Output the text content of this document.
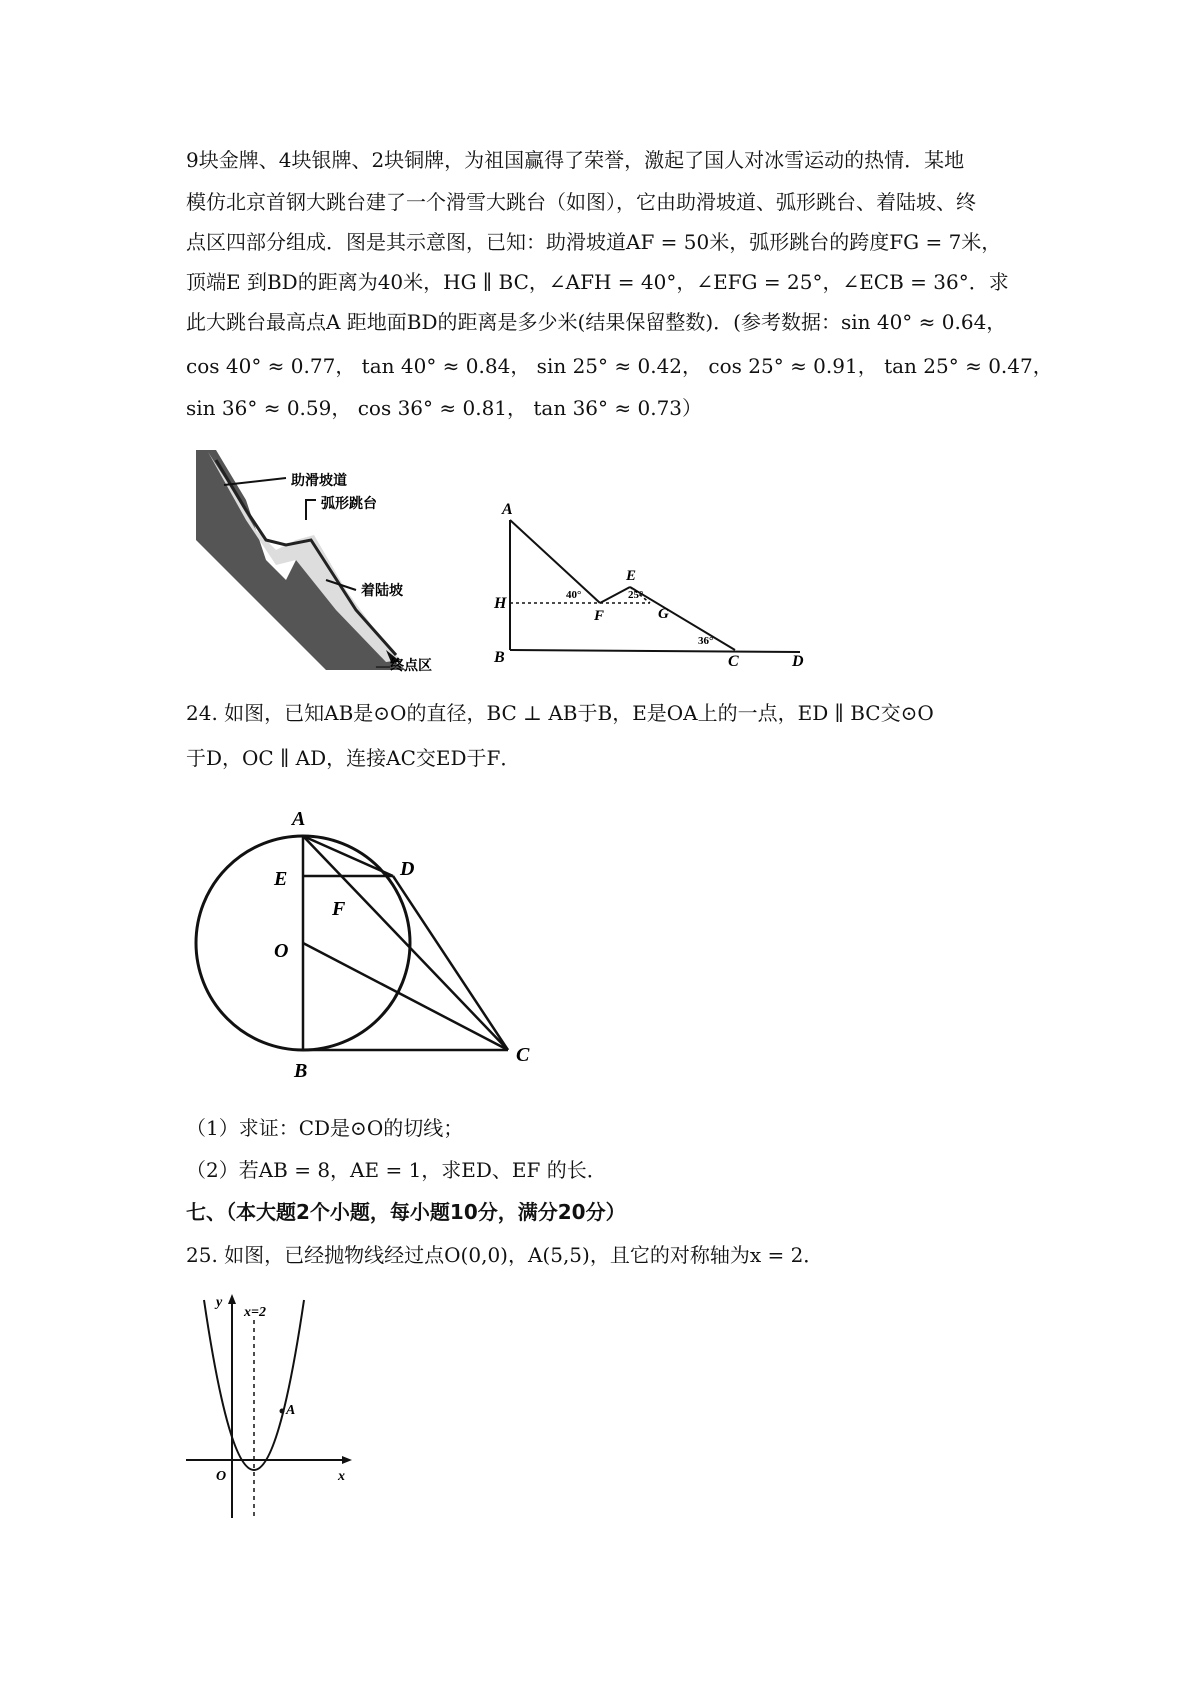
9块金牌、4块银牌、2块铜牌，为祖国赢得了荣誉，激起了国人对冰雪运动的热情．某地
模仿北京首钢大跳台建了一个滑雪大跳台（如图），它由助滑坡道、弧形跳台、着陆坡、终
点区四部分组成．图是其示意图，已知：助滑坡道AF = 50米，弧形跳台的跨度FG = 7米，
顶端E 到BD的距离为40米，HG ∥ BC，∠AFH = 40°，∠EFG = 25°，∠ECB = 36°．求
此大跳台最高点A 距地面BD的距离是多少米(结果保留整数)．(参考数据：sin 40° ≈ 0.64，
cos 40° ≈ 0.77， tan 40° ≈ 0.84， sin 25° ≈ 0.42， cos 25° ≈ 0.91， tan 25° ≈ 0.47，
sin 36° ≈ 0.59， cos 36° ≈ 0.81， tan 36° ≈ 0.73）
助滑坡道
弧形跳台
着陆坡
—终点区
A
H
B
F
E
G
C	D
40°	25°
36°
24. 如图，已知AB是⊙O的直径，BC ⊥ AB于B，E是OA上的一点，ED ∥ BC交⊙O
于D，OC ∥ AD，连接AC交ED于F．
A
E	D
F
O
B
C
（1）求证：CD是⊙O的切线；
（2）若AB = 8，AE = 1，求ED、EF 的长．
七、（本大题2个小题，每小题10分，满分20分）
25. 如图，已经抛物线经过点O(0,0)，A(5,5)，且它的对称轴为x = 2．
y
x=2
A
O	x
